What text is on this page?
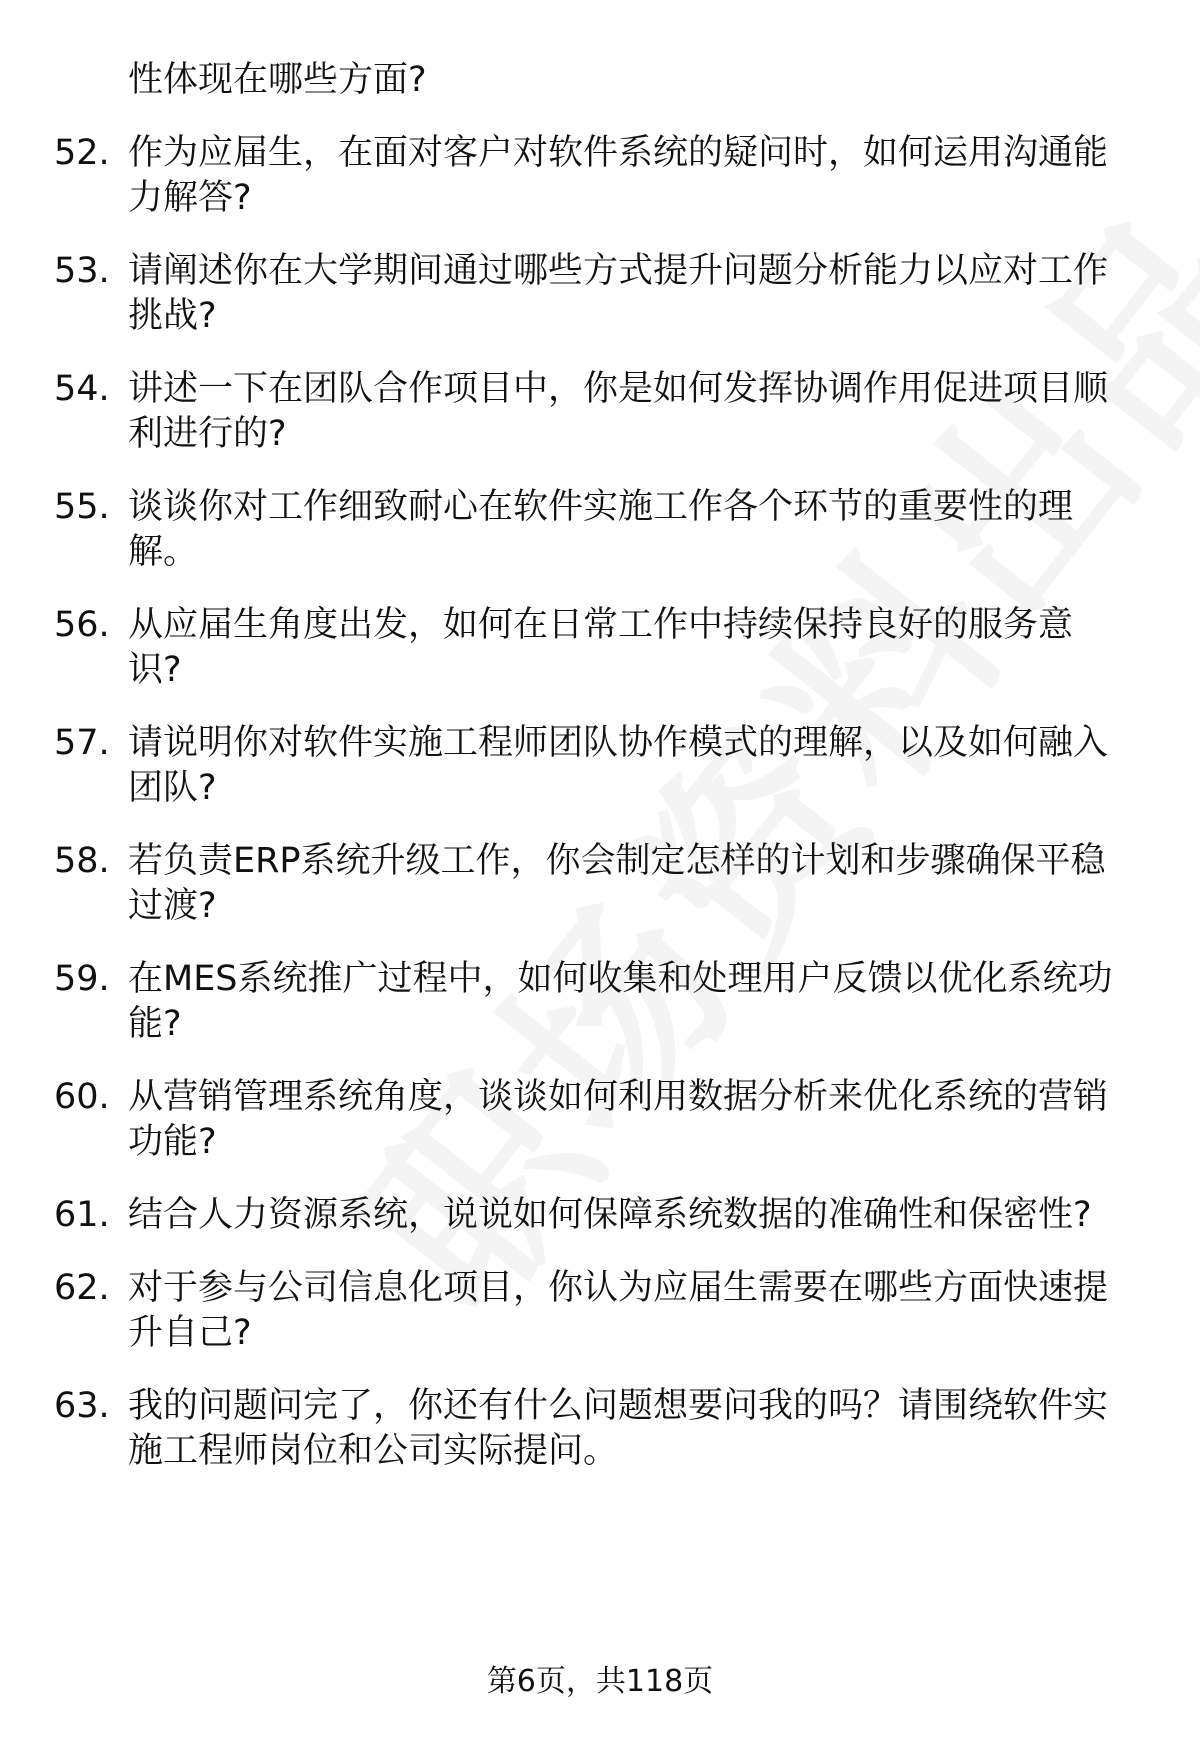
性体现在哪些方面?
52. 作为应届生，在面对客户对软件系统的疑问时，如何运用沟通能
力解答?
53. 请阐述你在大学期间通过哪些方式提升问题分析能力以应对工作
挑战?
54. 讲述一下在团队合作项目中，你是如何发挥协调作用促进项目顺
利进行的?
55. 谈谈你对工作细致耐心在软件实施工作各个环节的重要性的理
解。
56. 从应届生角度出发，如何在日常工作中持续保持良好的服务意
识?
57. 请说明你对软件实施工程师团队协作模式的理解，以及如何融入
团队?
58. 若负责ERP系统升级工作，你会制定怎样的计划和步骤确保平稳
过渡?
59. 在MES系统推广过程中，如何收集和处理用户反馈以优化系统功
能?
60. 从营销管理系统角度，谈谈如何利用数据分析来优化系统的营销
功能?
61. 结合人力资源系统，说说如何保障系统数据的准确性和保密性?
62. 对于参与公司信息化项目，你认为应届生需要在哪些方面快速提
升自己?
63. 我的问题问完了，你还有什么问题想要问我的吗？请围绕软件实
施工程师岗位和公司实际提问。
第6页，共118页
